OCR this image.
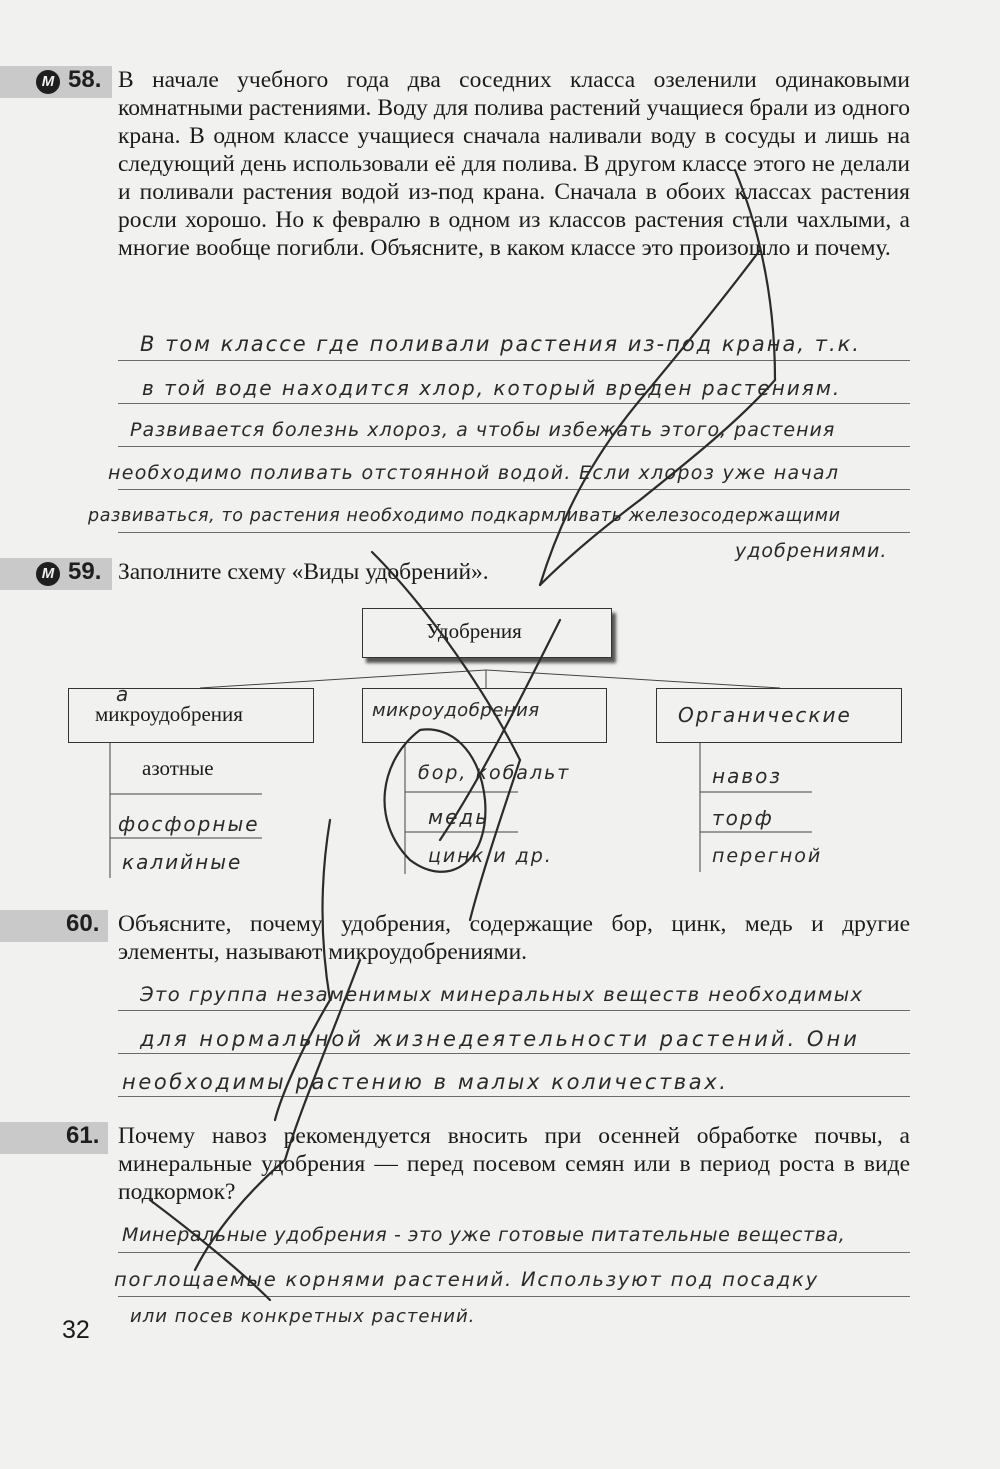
М 58. В начале учебного года два соседних класса озеленили одинаковыми комнатными растениями. Воду для полива растений учащиеся брали из одного крана. В одном классе учащиеся сначала наливали воду в сосуды и лишь на следующий день использовали её для полива. В другом классе этого не делали и поливали растения водой из-под крана. Сначала в обоих классах растения росли хорошо. Но к февралю в одном из классов растения стали чахлыми, а многие вообще погибли. Объясните, в каком классе это произошло и почему.

В том классе где поливали растения из-под крана, т.к.
в той воде находится хлор, который вреден растениям.
Развивается болезнь хлороз, а чтобы избежать этого, растения
необходимо поливать отстоянной водой. Если хлороз уже начал
развиваться, то растения необходимо подкармливать железосодержащими
удобрениями.
М 59. Заполните схему «Виды удобрений».

Удобрения
а
микроудобрения
азотные
фосфорные
калийные
микроудобрения
бор, кобальт
медь
цинк и др.
Органические
навоз
торф
перегной
60. Объясните, почему удобрения, содержащие бор, цинк, медь и другие элементы, называют микроудобрениями.

Это группа незаменимых минеральных веществ необходимых
для нормальной жизнедеятельности растений. Они
необходимы растению в малых количествах.
61. Почему навоз рекомендуется вносить при осенней обработке почвы, а минеральные удобрения — перед посевом семян или в период роста в виде подкормок?

Минеральные удобрения - это уже готовые питательные вещества,
поглощаемые корнями растений. Используют под посадку
или посев конкретных растений.
32
